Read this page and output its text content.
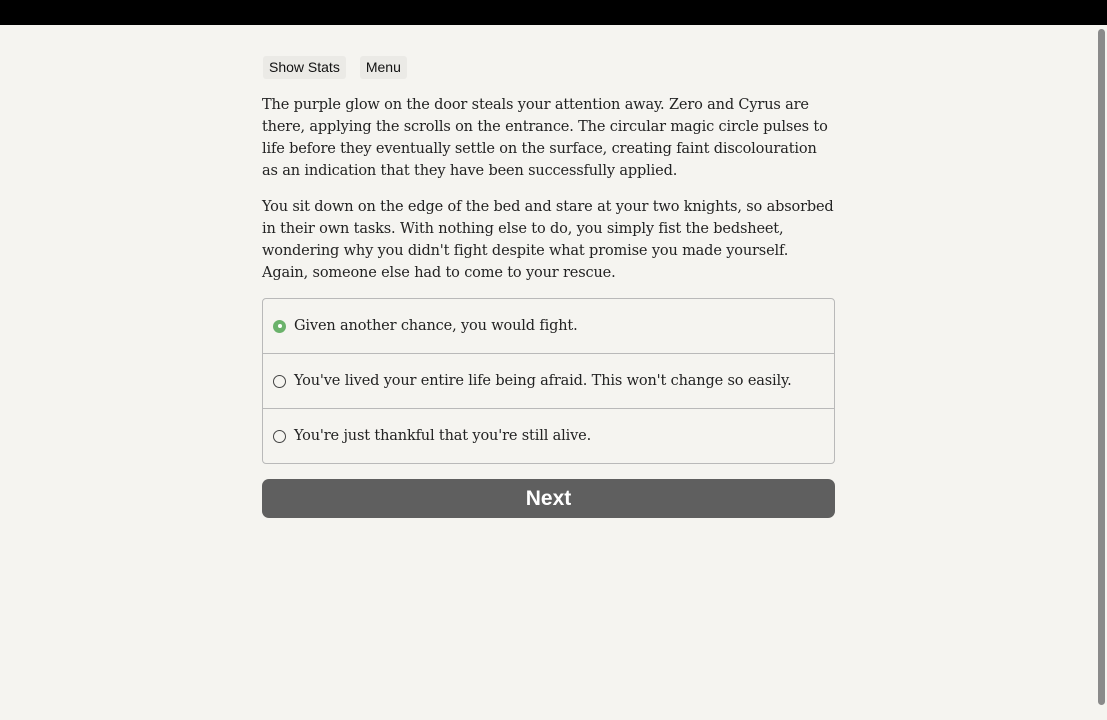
Show Stats	Menu

The purple glow on the door steals your attention away. Zero and Cyrus are there, applying the scrolls on the entrance. The circular magic circle pulses to life before they eventually settle on the surface, creating faint discolouration as an indication that they have been successfully applied.

You sit down on the edge of the bed and stare at your two knights, so absorbed in their own tasks. With nothing else to do, you simply fist the bedsheet, wondering why you didn't fight despite what promise you made yourself. Again, someone else had to come to your rescue.

Given another chance, you would fight.
You've lived your entire life being afraid. This won't change so easily.
You're just thankful that you're still alive.
Next
